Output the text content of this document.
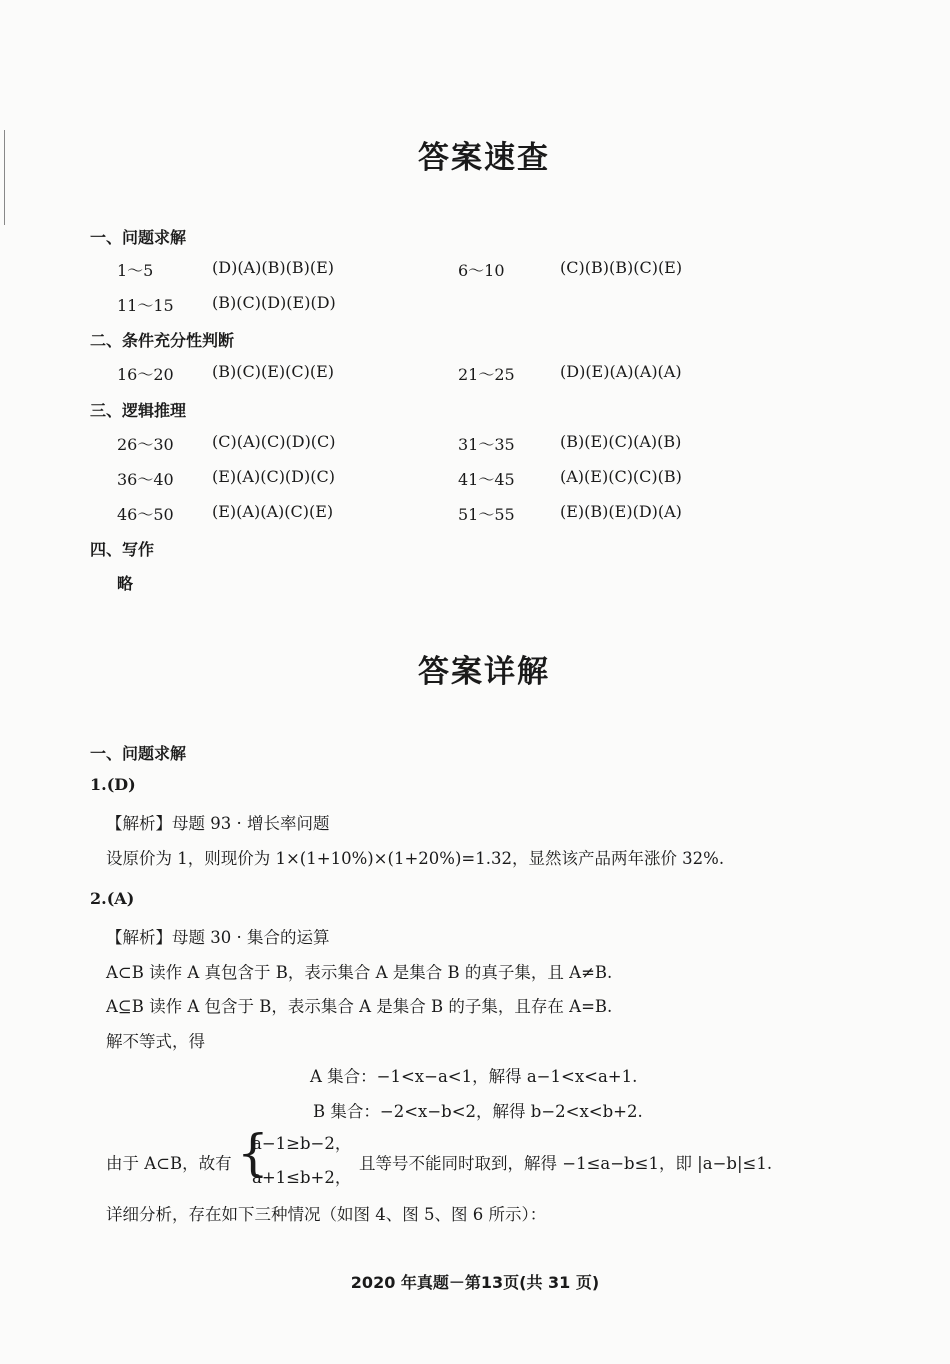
答案速查
一、问题求解
1～5	(D)(A)(B)(B)(E)	6～10	(C)(B)(B)(C)(E)
11～15 (B)(C)(D)(E)(D)
二、条件充分性判断
16～20 (B)(C)(E)(C)(E)	21～25	(D)(E)(A)(A)(A)
三、逻辑推理
26～30 (C)(A)(C)(D)(C)	31～35	(B)(E)(C)(A)(B)
36～40 (E)(A)(C)(D)(C)	41～45	(A)(E)(C)(C)(B)
46～50 (E)(A)(A)(C)(E)	51～55	(E)(B)(E)(D)(A)
四、写作
略
答案详解
一、问题求解
1.(D)
【解析】母题 93 · 增长率问题
设原价为 1，则现价为 1×(1+10%)×(1+20%)=1.32，显然该产品两年涨价 32%.
2.(A)
【解析】母题 30 · 集合的运算
A⊂B 读作 A 真包含于 B，表示集合 A 是集合 B 的真子集，且 A≠B.
A⊆B 读作 A 包含于 B，表示集合 A 是集合 B 的子集，且存在 A=B.
解不等式，得
A 集合：−1<x−a<1，解得 a−1<x<a+1.
B 集合：−2<x−b<2，解得 b−2<x<b+2.
由于 A⊂B，故有 {
a−1≥b−2，
a+1≤b+2，
且等号不能同时取到，解得 −1≤a−b≤1，即 |a−b|≤1.
详细分析，存在如下三种情况（如图 4、图 5、图 6 所示）：
2020 年真题－第13页(共 31 页)
